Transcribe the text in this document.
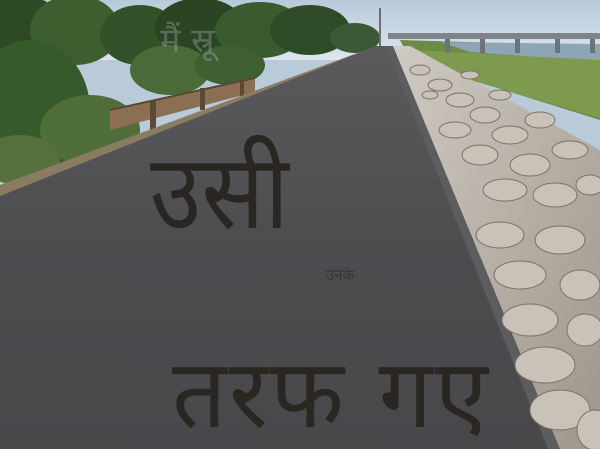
मैं स्रू
उसी
उनके
तरफ गए
